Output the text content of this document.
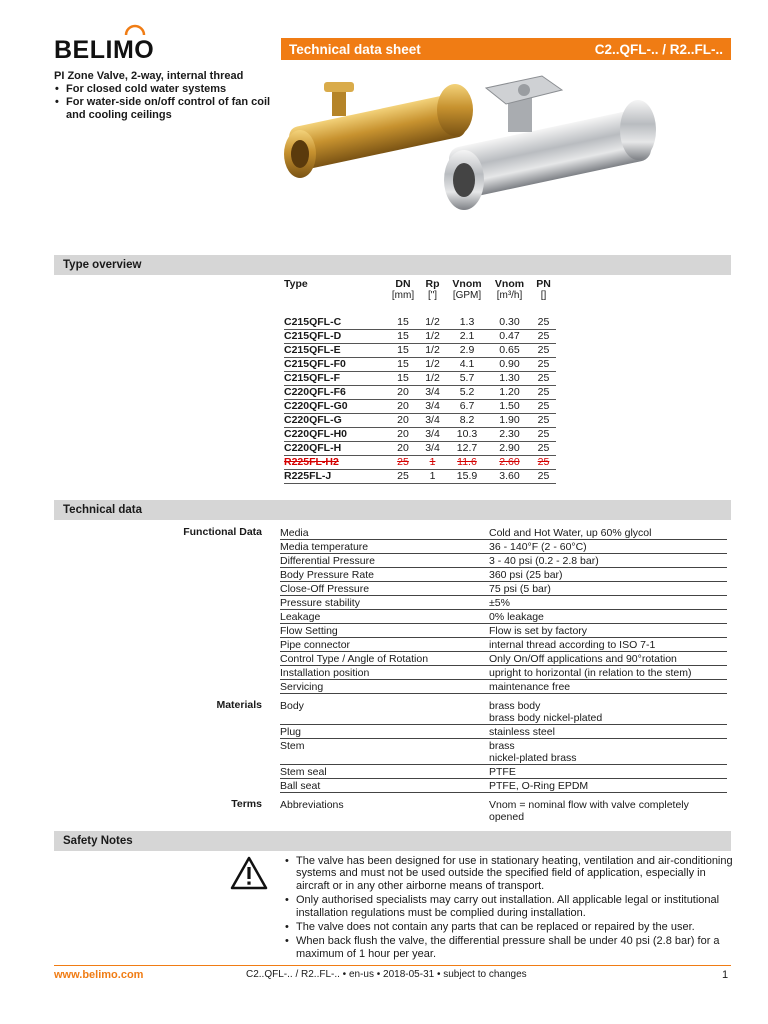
BELIMO	Technical data sheet	C2..QFL-.. / R2..FL-..
PI Zone Valve, 2-way, internal thread
• For closed cold water systems
• For water-side on/off control of fan coil and cooling ceilings
Type overview
Type	DN	Rp	Vnom	Vnom	PN
	[mm]	["]	[GPM]	[m³/h]	[]

C215QFL-C	15	1/2	1.3	0.30	25
C215QFL-D	15	1/2	2.1	0.47	25
C215QFL-E	15	1/2	2.9	0.65	25
C215QFL-F0	15	1/2	4.1	0.90	25
C215QFL-F	15	1/2	5.7	1.30	25
C220QFL-F6	20	3/4	5.2	1.20	25
C220QFL-G0	20	3/4	6.7	1.50	25
C220QFL-G	20	3/4	8.2	1.90	25
C220QFL-H0	20	3/4	10.3	2.30	25
C220QFL-H	20	3/4	12.7	2.90	25
R225FL-H2	25	1	11.6	2.60	25
R225FL-J	25	1	15.9	3.60	25
Technical data
Functional Data	Media	Cold and Hot Water, up 60% glycol
Media temperature	36 - 140°F (2 - 60°C)
Differential Pressure	3 - 40 psi (0.2 - 2.8 bar)
Body Pressure Rate	360 psi (25 bar)
Close-Off Pressure	75 psi (5 bar)
Pressure stability	±5%
Leakage	0% leakage
Flow Setting	Flow is set by factory
Pipe connector	internal thread according to ISO 7-1
Control Type / Angle of Rotation	Only On/Off applications and 90°rotation
Installation position	upright to horizontal (in relation to the stem)
Servicing	maintenance free
Materials	Body	brass body
brass body nickel-plated
Plug	stainless steel
Stem	brass
nickel-plated brass
Stem seal	PTFE
Ball seat	PTFE, O-Ring EPDM
Terms	Abbreviations	Vnom = nominal flow with valve completely
opened
Safety Notes
• The valve has been designed for use in stationary heating, ventilation and air-conditioning systems and must not be used outside the specified field of application, especially in aircraft or in any other airborne means of transport.
• Only authorised specialists may carry out installation. All applicable legal or institutional installation regulations must be complied during installation.
• The valve does not contain any parts that can be replaced or repaired by the user.
• When back flush the valve, the differential pressure shall be under 40 psi (2.8 bar) for a maximum of 1 hour per year.
www.belimo.com	C2..QFL-.. / R2..FL-.. • en-us • 2018-05-31 • subject to changes	1
